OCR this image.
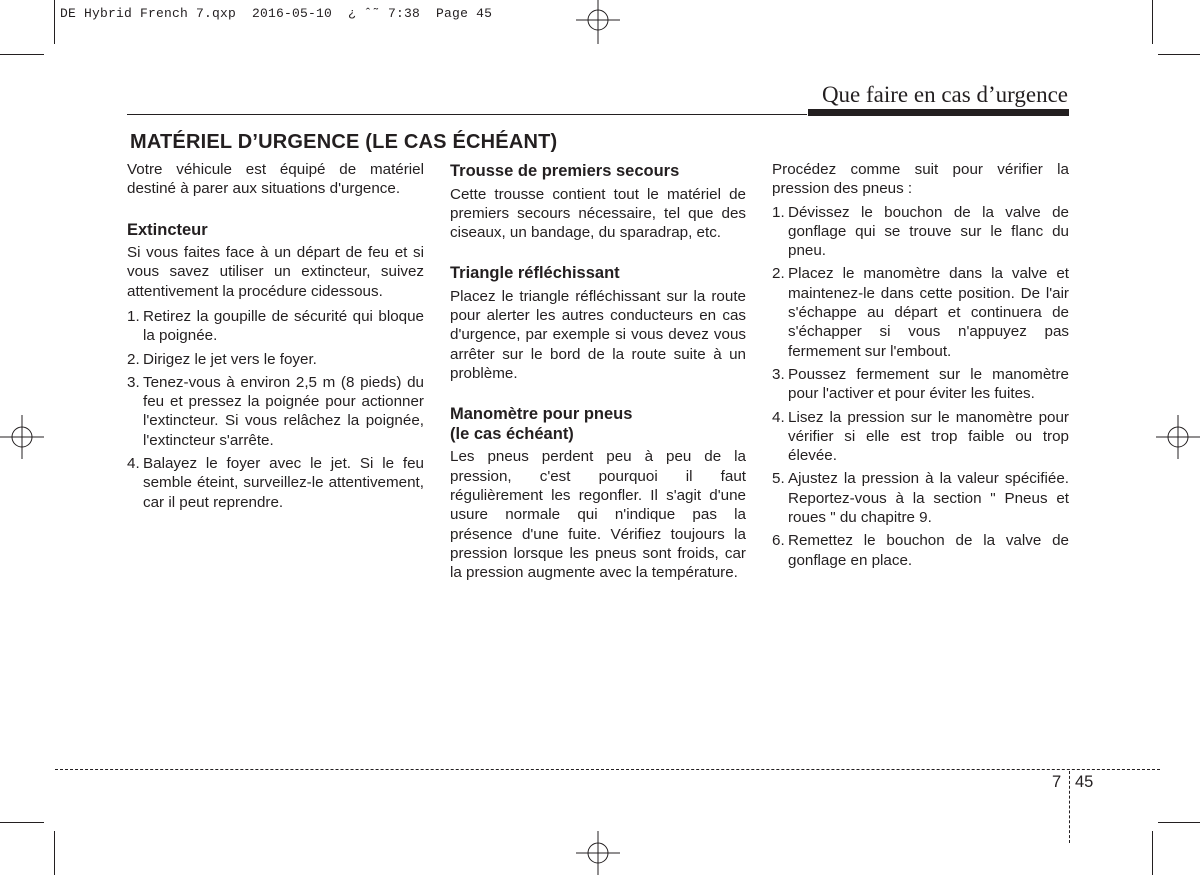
DE Hybrid French 7.qxp  2016-05-10  ¿ ˆ˜ 7:38  Page 45
Que faire en cas d’urgence
MATÉRIEL D’URGENCE (LE CAS ÉCHÉANT)

Votre véhicule est équipé de matériel destiné à parer aux situations d'urgence.

Extincteur

Si vous faites face à un départ de feu et si vous savez utiliser un extincteur, suivez attentivement la procédure cidessous.

1. Retirez la goupille de sécurité qui bloque la poignée.
2. Dirigez le jet vers le foyer.
3. Tenez-vous à environ 2,5 m (8 pieds) du feu et pressez la poignée pour actionner l'extincteur. Si vous relâchez la poignée, l'extincteur s'arrête.
4. Balayez le foyer avec le jet. Si le feu semble éteint, surveillez-le attentivement, car il peut reprendre.
Trousse de premiers secours

Cette trousse contient tout le matériel de premiers secours nécessaire, tel que des ciseaux, un bandage, du sparadrap, etc.

Triangle réfléchissant

Placez le triangle réfléchissant sur la route pour alerter les autres conducteurs en cas d'urgence, par exemple si vous devez vous arrêter sur le bord de la route suite à un problème.

Manomètre pour pneus
(le cas échéant)

Les pneus perdent peu à peu de la pression, c'est pourquoi il faut régulièrement les regonfler. Il s'agit d'une usure normale qui n'indique pas la présence d'une fuite. Vérifiez toujours la pression lorsque les pneus sont froids, car la pression augmente avec la température.

Procédez comme suit pour vérifier la pression des pneus :

1. Dévissez le bouchon de la valve de gonflage qui se trouve sur le flanc du pneu.
2. Placez le manomètre dans la valve et maintenez-le dans cette position. De l'air s'échappe au départ et continuera de s'échapper si vous n'appuyez pas fermement sur l'embout.
3. Poussez fermement sur le manomètre pour l'activer et pour éviter les fuites.
4. Lisez la pression sur le manomètre pour vérifier si elle est trop faible ou trop élevée.
5. Ajustez la pression à la valeur spécifiée. Reportez-vous à la section " Pneus et roues " du chapitre 9.
6. Remettez le bouchon de la valve de gonflage en place.
7 45
